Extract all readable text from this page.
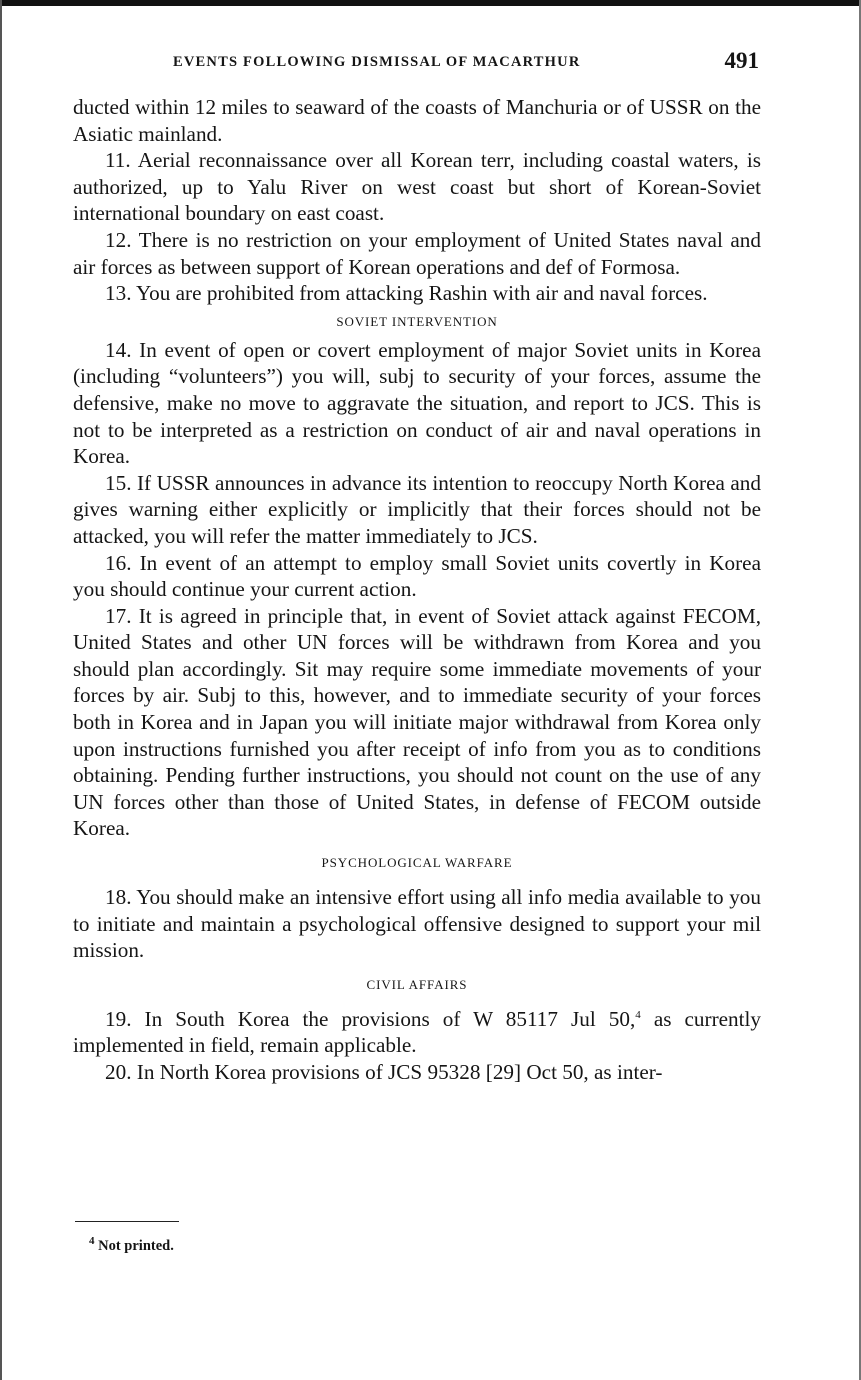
EVENTS FOLLOWING DISMISSAL OF MACARTHUR	491

ducted within 12 miles to seaward of the coasts of Manchuria or of USSR on the Asiatic mainland.

11. Aerial reconnaissance over all Korean terr, including coastal waters, is authorized, up to Yalu River on west coast but short of Korean-Soviet international boundary on east coast.

12. There is no restriction on your employment of United States naval and air forces as between support of Korean operations and def of Formosa.

13. You are prohibited from attacking Rashin with air and naval forces.

SOVIET INTERVENTION

14. In event of open or covert employment of major Soviet units in Korea (including “volunteers”) you will, subj to security of your forces, assume the defensive, make no move to aggravate the situation, and report to JCS. This is not to be interpreted as a restriction on conduct of air and naval operations in Korea.

15. If USSR announces in advance its intention to reoccupy North Korea and gives warning either explicitly or implicitly that their forces should not be attacked, you will refer the matter immediately to JCS.

16. In event of an attempt to employ small Soviet units covertly in Korea you should continue your current action.

17. It is agreed in principle that, in event of Soviet attack against FECOM, United States and other UN forces will be withdrawn from Korea and you should plan accordingly. Sit may require some immediate movements of your forces by air. Subj to this, however, and to immediate security of your forces both in Korea and in Japan you will initiate major withdrawal from Korea only upon instructions furnished you after receipt of info from you as to conditions obtaining. Pending further instructions, you should not count on the use of any UN forces other than those of United States, in defense of FECOM outside Korea.

PSYCHOLOGICAL WARFARE

18. You should make an intensive effort using all info media available to you to initiate and maintain a psychological offensive designed to support your mil mission.

CIVIL AFFAIRS

19. In South Korea the provisions of W 85117 Jul 50,$^4$ as currently implemented in field, remain applicable.

20. In North Korea provisions of JCS 95328 [29] Oct 50, as inter-

$^4$ Not printed.
